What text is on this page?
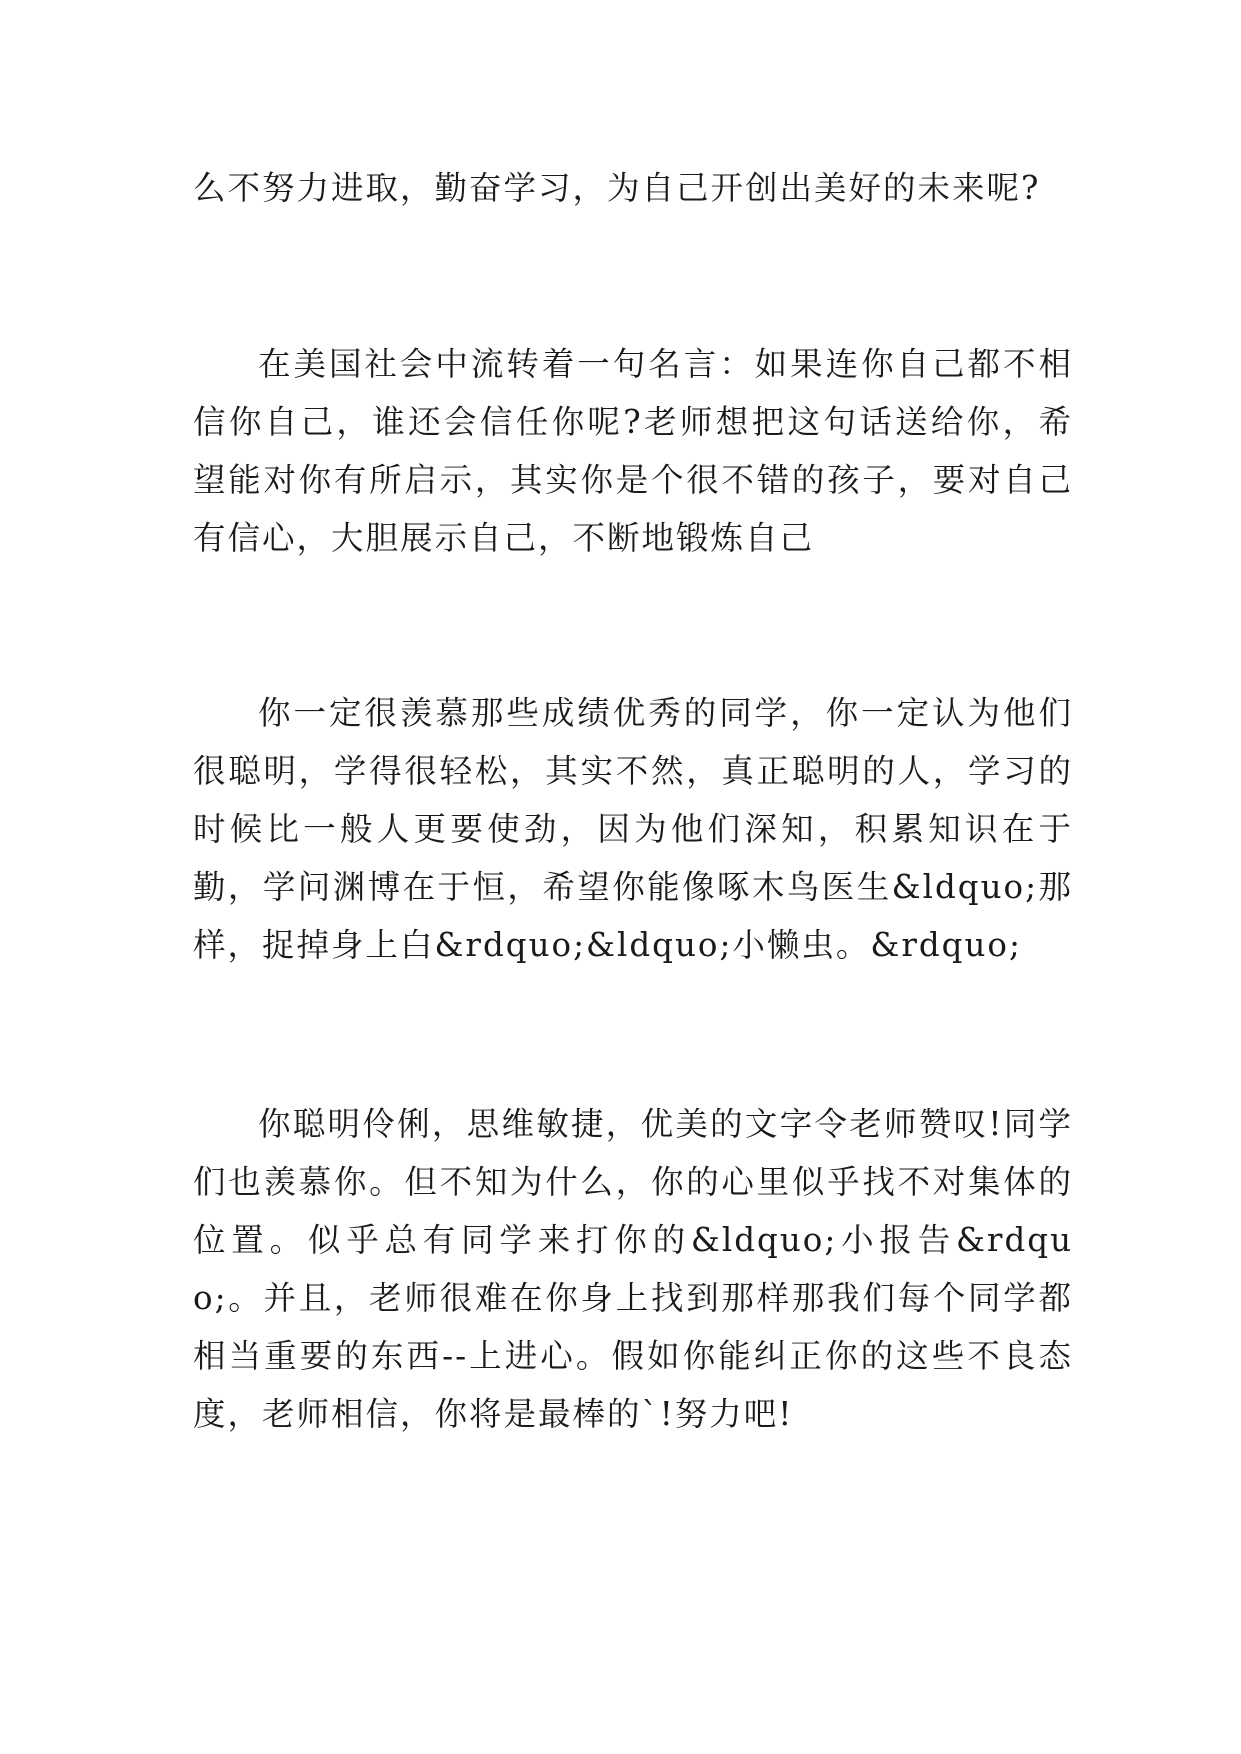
么不努力进取，勤奋学习，为自己开创出美好的未来呢?

在美国社会中流转着一句名言：如果连你自己都不相信你自己，谁还会信任你呢?老师想把这句话送给你，希望能对你有所启示，其实你是个很不错的孩子，要对自己有信心，大胆展示自己，不断地锻炼自己

你一定很羡慕那些成绩优秀的同学，你一定认为他们很聪明，学得很轻松，其实不然，真正聪明的人，学习的时候比一般人更要使劲，因为他们深知，积累知识在于勤，学问渊博在于恒，希望你能像啄木鸟医生&ldquo;那样，捉掉身上白&rdquo;&ldquo;小懒虫。&rdquo;

你聪明伶俐，思维敏捷，优美的文字令老师赞叹!同学们也羡慕你。但不知为什么，你的心里似乎找不对集体的位置。似乎总有同学来打你的&ldquo;小报告&rdquo;。并且，老师很难在你身上找到那样那我们每个同学都相当重要的东西--上进心。假如你能纠正你的这些不良态度，老师相信，你将是最棒的`!努力吧!
